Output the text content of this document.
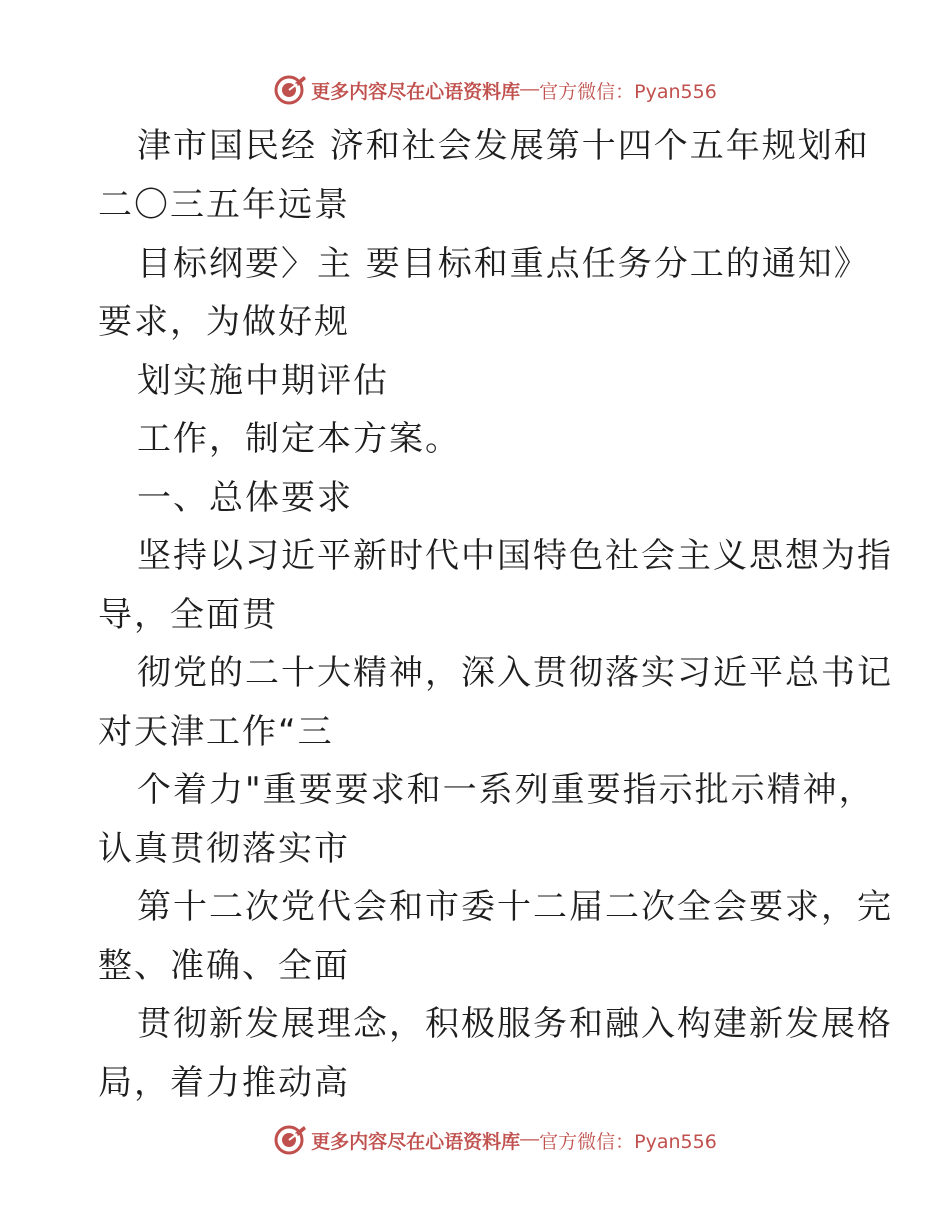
更多内容尽在心语资料库 — 官方微信：Pyan556
津市国民经 济和社会发展第十四个五年规划和
二〇三五年远景
目标纲要〉主 要目标和重点任务分工的通知》
要求，为做好规
划实施中期评估
工作，制定本方案。
一、总体要求
坚持以习近平新时代中国特色社会主义思想为指
导，全面贯
彻党的二十大精神，深入贯彻落实习近平总书记
对天津工作“三
个着力"重要要求和一系列重要指示批示精神，
认真贯彻落实市
第十二次党代会和市委十二届二次全会要求，完
整、准确、全面
贯彻新发展理念，积极服务和融入构建新发展格
局，着力推动高
更多内容尽在心语资料库 — 官方微信：Pyan556
